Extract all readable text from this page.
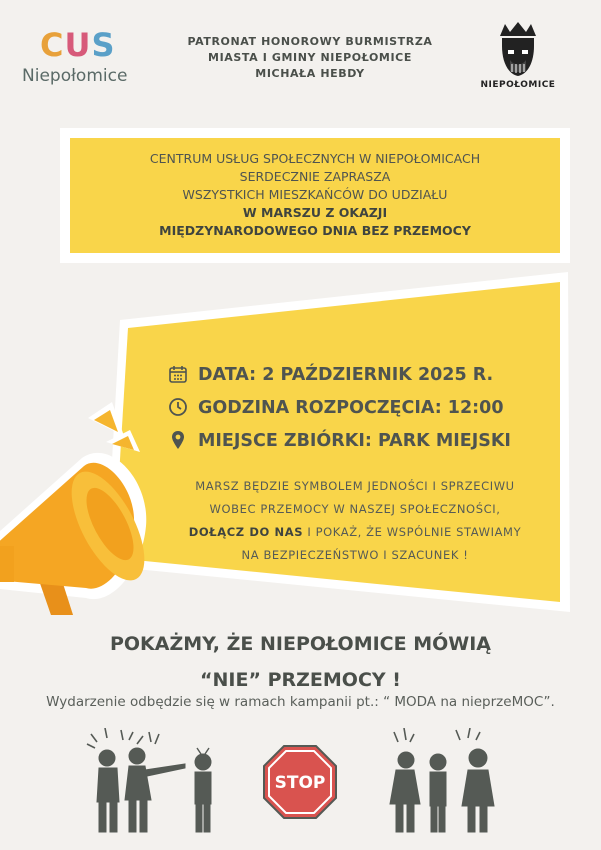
CUS
Niepołomice
PATRONAT HONOROWY BURMISTRZA
MIASTA I GMINY NIEPOŁOMICE
MICHAŁA HEBDY
NIEPOŁOMICE
CENTRUM USŁUG SPOŁECZNYCH W NIEPOŁOMICACH
SERDECZNIE ZAPRASZA
WSZYSTKICH MIESZKAŃCÓW DO UDZIAŁU
W MARSZU Z OKAZJI
MIĘDZYNARODOWEGO DNIA BEZ PRZEMOCY
DATA: 2 PAŹDZIERNIK 2025 R.
GODZINA ROZPOCZĘCIA: 12:00
MIEJSCE ZBIÓRKI: PARK MIEJSKI
MARSZ BĘDZIE SYMBOLEM JEDNOŚCI I SPRZECIWU
WOBEC PRZEMOCY W NASZEJ SPOŁECZNOŚCI,
DOŁĄCZ DO NAS I POKAŻ, ŻE WSPÓLNIE STAWIAMY
NA BEZPIECZEŃSTWO I SZACUNEK !
POKAŻMY, ŻE NIEPOŁOMICE MÓWIĄ
“NIE” PRZEMOCY !
Wydarzenie odbędzie się w ramach kampanii pt.: “ MODA na nieprzeMOC”.
STOP
